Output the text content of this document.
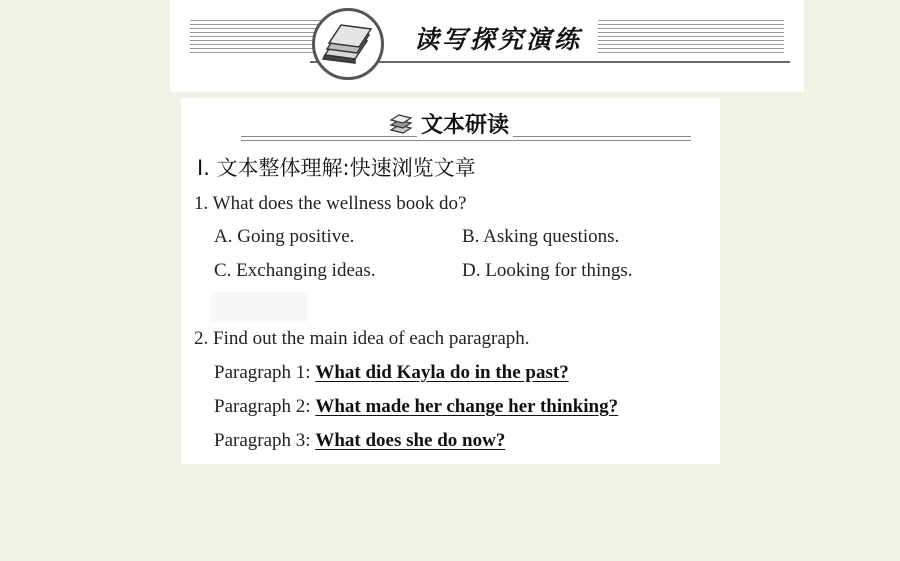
读写探究演练
文本研读
Ⅰ. 文本整体理解:快速浏览文章
1. What does the wellness book do?
A. Going positive.	B. Asking questions.
C. Exchanging ideas.	D. Looking for things.
2. Find out the main idea of each paragraph.
Paragraph 1: What did Kayla do in the past?
Paragraph 2: What made her change her thinking?
Paragraph 3: What does she do now?
